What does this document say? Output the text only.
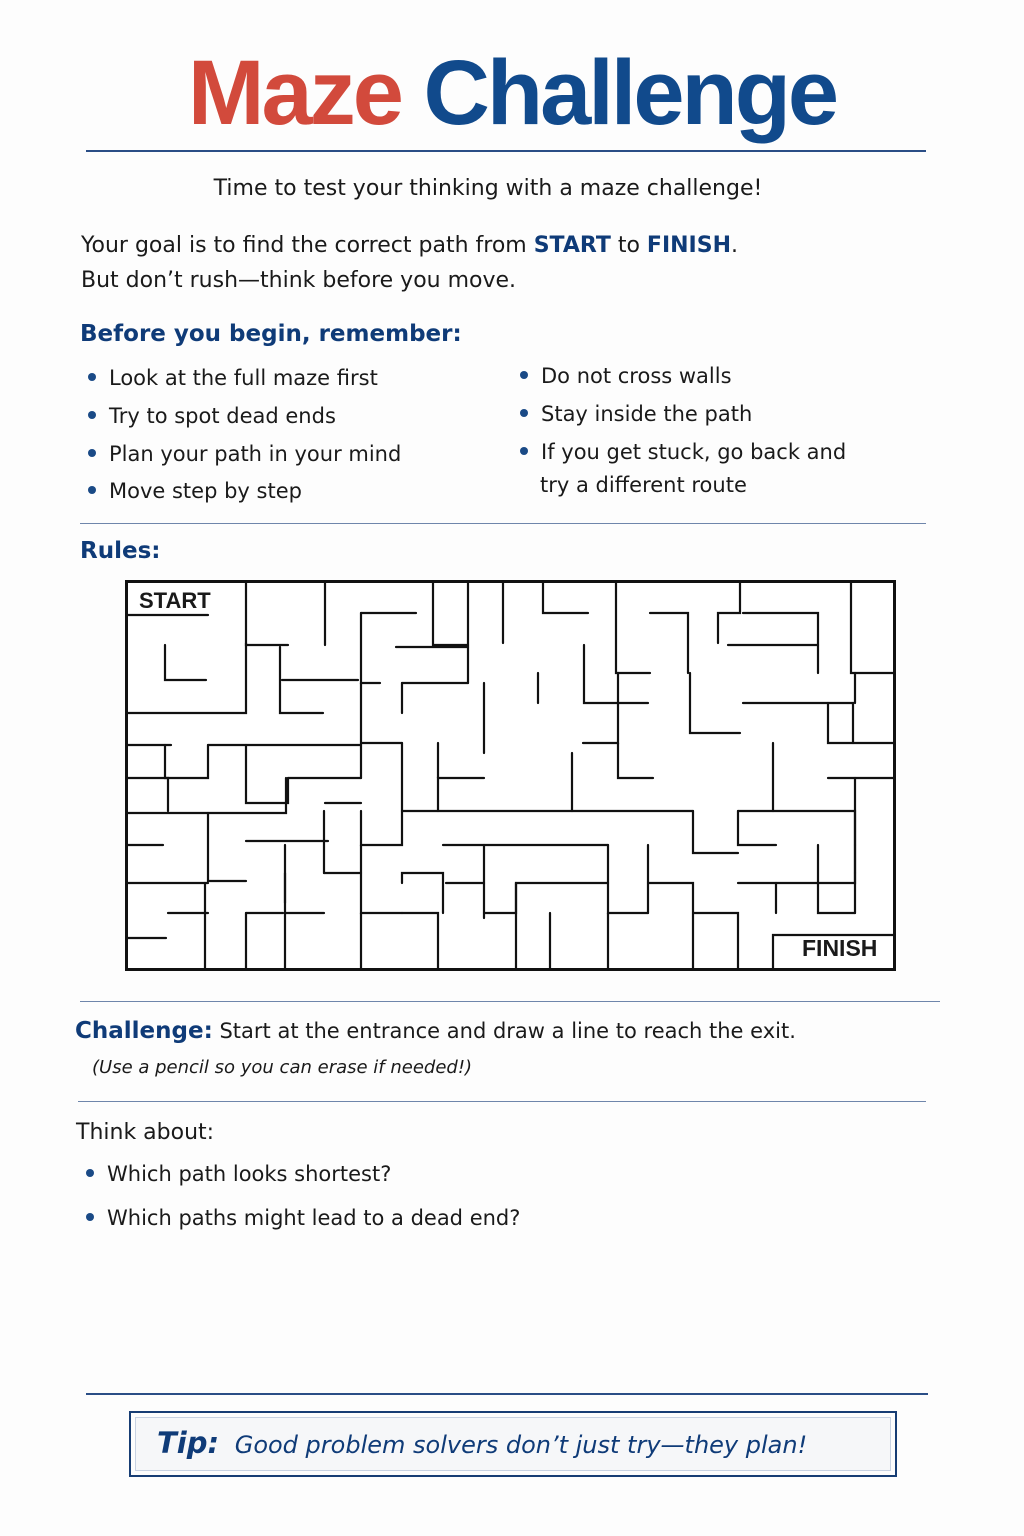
Maze Challenge
Time to test your thinking with a maze challenge!
Your goal is to find the correct path from START to FINISH.
But don’t rush—think before you move.
Before you begin, remember:
Look at the full maze first
Try to spot dead ends
Plan your path in your mind
Move step by step
Do not cross walls
Stay inside the path
If you get stuck, go back and
try a different route
Rules:
START
FINISH
Challenge: Start at the entrance and draw a line to reach the exit.
(Use a pencil so you can erase if needed!)
Think about:
Which path looks shortest?
Which paths might lead to a dead end?
Tip: Good problem solvers don’t just try—they plan!
